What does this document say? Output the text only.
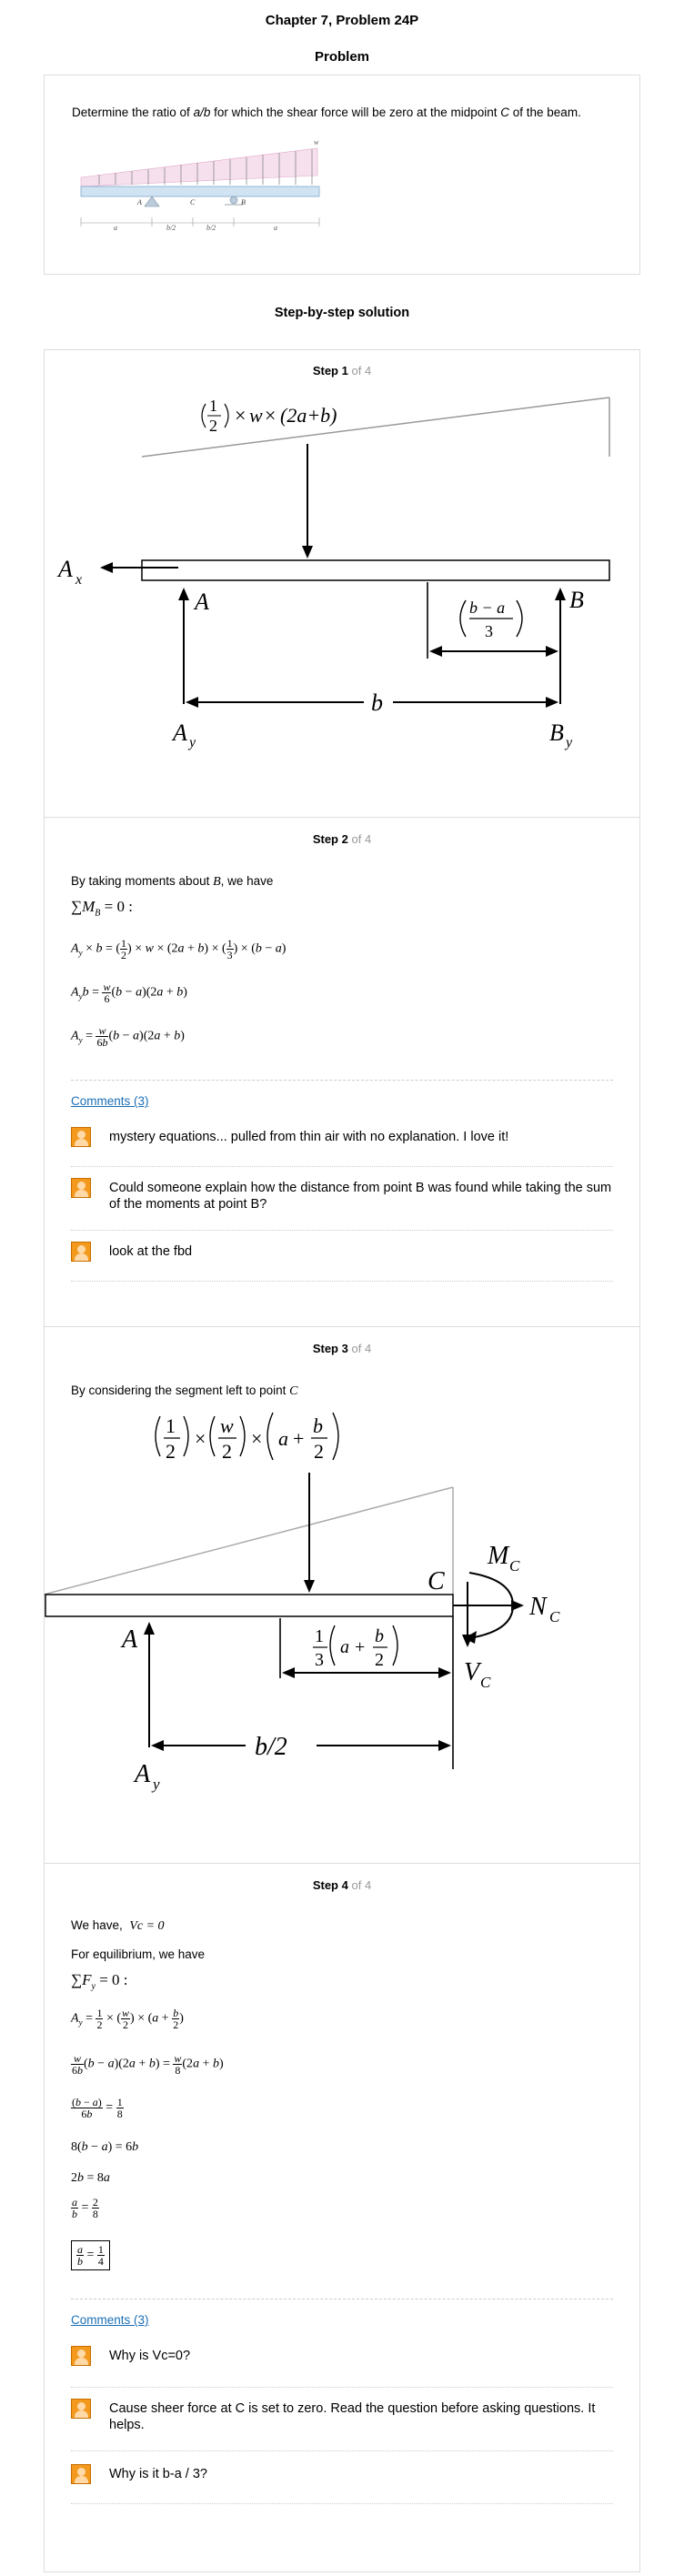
Chapter 7, Problem 24P
Problem
Determine the ratio of a/b for which the shear force will be zero at the midpoint C of the beam.
w
A	C	B
a	b/2	b/2	a
Step-by-step solution
Step 1 of 4
1
2 × w × (2a+b)
A x
A
A y
B
B y
b
b − a
3
Step 2 of 4
By taking moments about B, we have
$\sum M_B = 0$ :
$A_y \times b$ = ( $\frac{1}{2}$ ) × w × (2a + b) × ( $\frac{1}{3}$ ) × (b − a)
$A_yb = \frac{w}{6} (b - a)(2a + b)$
$A_y = \frac{w}{6b} (b - a)(2a + b)$
Comments (3)
mystery equations... pulled from thin air with no explanation. I love it!
Could someone explain how the distance from point B was found while taking the sum of the moments at point B?
look at the fbd
Step 3 of 4
By considering the segment left to point C
1
2
×
w
2
× a +
b
2
C
A
A y
b/2
1
3
a +
b
2
M C
N C
V C
Step 4 of 4
We have, Vc = 0
For equilibrium, we have
$\sum F_y = 0$ :
$A_y = \frac{1}{2}$ × ( $\frac{w}{2}$ ) × ($a + \frac{b}{2}$ )
$\frac{w}{6b} (b - a)(2a + b) = \frac{w}{8} (2a + b)$
$\frac{(b - a)}{6b} = \frac{1}{8}$
8(b − a) = 6b
2b = 8a
$\frac{a}{b} = \frac{2}{8}$
$\frac{a}{b} = \frac{1}{4}$
Comments (3)
Why is Vc=0?
Cause sheer force at C is set to zero. Read the question before asking questions. It helps.
Why is it b-a / 3?
